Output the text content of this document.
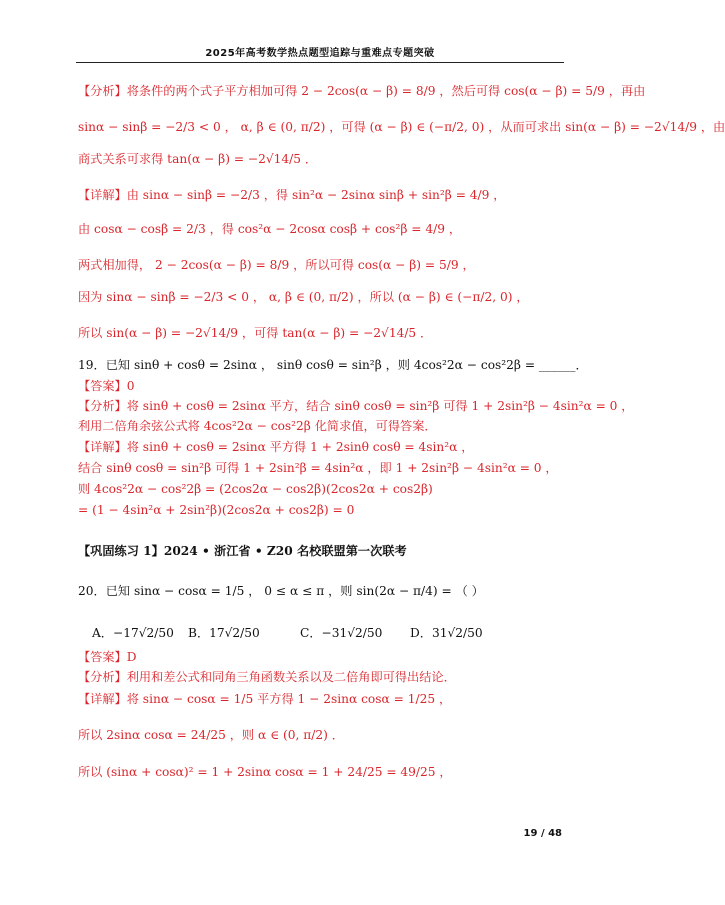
2025年高考数学热点题型追踪与重难点专题突破
【分析】将条件的两个式子平方相加可得 2 − 2cos(α − β) = 8/9 ，然后可得 cos(α − β) = 5/9 ，再由
sinα − sinβ = −2/3 < 0 ， α, β ∈ (0, π/2) ，可得 (α − β) ∈ (−π/2, 0) ，从而可求出 sin(α − β) = −2√14/9 ，由
商式关系可求得 tan(α − β) = −2√14/5 ．
【详解】由 sinα − sinβ = −2/3 ，得 sin²α − 2sinα sinβ + sin²β = 4/9 ，
由 cosα − cosβ = 2/3 ，得 cos²α − 2cosα cosβ + cos²β = 4/9 ，
两式相加得， 2 − 2cos(α − β) = 8/9 ，所以可得 cos(α − β) = 5/9 ，
因为 sinα − sinβ = −2/3 < 0 ， α, β ∈ (0, π/2) ，所以 (α − β) ∈ (−π/2, 0) ，
所以 sin(α − β) = −2√14/9 ，可得 tan(α − β) = −2√14/5 ．
19．已知 sinθ + cosθ = 2sinα ， sinθ cosθ = sin²β ，则 4cos²2α − cos²2β = ______．
【答案】0
【分析】将 sinθ + cosθ = 2sinα 平方，结合 sinθ cosθ = sin²β 可得 1 + 2sin²β − 4sin²α = 0 ，
利用二倍角余弦公式将 4cos²2α − cos²2β 化简求值，可得答案．
【详解】将 sinθ + cosθ = 2sinα 平方得 1 + 2sinθ cosθ = 4sin²α ，
结合 sinθ cosθ = sin²β 可得 1 + 2sin²β = 4sin²α ，即 1 + 2sin²β − 4sin²α = 0 ，
则 4cos²2α − cos²2β = (2cos2α − cos2β)(2cos2α + cos2β)
= (1 − 4sin²α + 2sin²β)(2cos2α + cos2β) = 0
【巩固练习 1】2024 • 浙江省 • Z20 名校联盟第一次联考
20．已知 sinα − cosα = 1/5 ， 0 ≤ α ≤ π ，则 sin(2α − π/4) = （ ）
A．−17√2/50 B．17√2/50	C．−31√2/50 D．31√2/50
【答案】D
【分析】利用和差公式和同角三角函数关系以及二倍角即可得出结论．
【详解】将 sinα − cosα = 1/5 平方得 1 − 2sinα cosα = 1/25 ，
所以 2sinα cosα = 24/25 ，则 α ∈ (0, π/2) ．
所以 (sinα + cosα)² = 1 + 2sinα cosα = 1 + 24/25 = 49/25 ，
19 / 48
